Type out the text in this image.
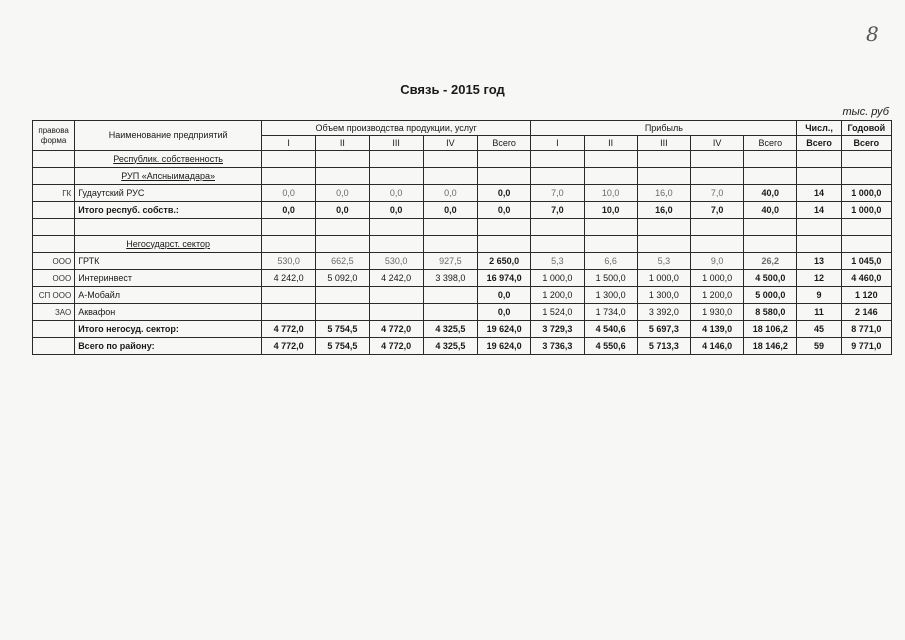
8
Связь - 2015 год
тыс. руб
правова форма	Наименование предприятий	Объем производства продукции, услуг					Прибыль					Числ.,	Годовой
		I	II	III	IV	Всего	I	II	III	IV	Всего	Всего	Всего
	Республик. собственность												
	РУП «Апсныимадара»												
ГК	Гудаутский РУС	0,0	0,0	0,0	0,0	0,0	7,0	10,0	16,0	7,0	40,0	14	1 000,0
	Итого респуб. собств.:	0,0	0,0	0,0	0,0	0,0	7,0	10,0	16,0	7,0	40,0	14	1 000,0

	Негосударст. сектор												
ООО	ГРТК	530,0	662,5	530,0	927,5	2 650,0	5,3	6,6	5,3	9,0	26,2	13	1 045,0
ООО	Интеринвест	4 242,0	5 092,0	4 242,0	3 398,0	16 974,0	1 000,0	1 500,0	1 000,0	1 000,0	4 500,0	12	4 460,0
СП ООО	А-Мобайл					0,0	1 200,0	1 300,0	1 300,0	1 200,0	5 000,0	9	1 120
ЗАО	Аквафон					0,0	1 524,0	1 734,0	3 392,0	1 930,0	8 580,0	11	2 146
	Итого негосуд. сектор:	4 772,0	5 754,5	4 772,0	4 325,5	19 624,0	3 729,3	4 540,6	5 697,3	4 139,0	18 106,2	45	8 771,0
	Всего по району:	4 772,0	5 754,5	4 772,0	4 325,5	19 624,0	3 736,3	4 550,6	5 713,3	4 146,0	18 146,2	59	9 771,0
